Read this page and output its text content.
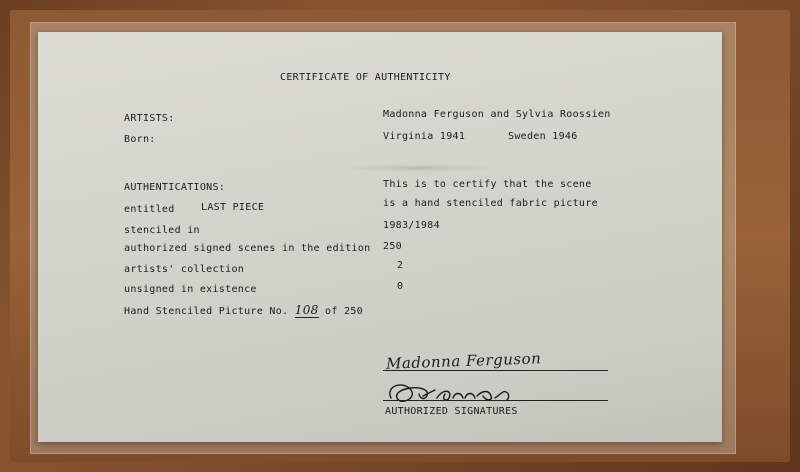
CERTIFICATE OF AUTHENTICITY
ARTISTS:	Madonna Ferguson and Sylvia Roossien
Born:	Virginia 1941	Sweden 1946
AUTHENTICATIONS:	This is to certify that the scene
entitled	LAST PIECE	is a hand stenciled fabric picture
stenciled in	1983/1984
authorized signed scenes in the edition 250
artists' collection	2
unsigned in existence	0
Hand Stenciled Picture No. 108 of 250
Madonna Ferguson
AUTHORIZED SIGNATURES
